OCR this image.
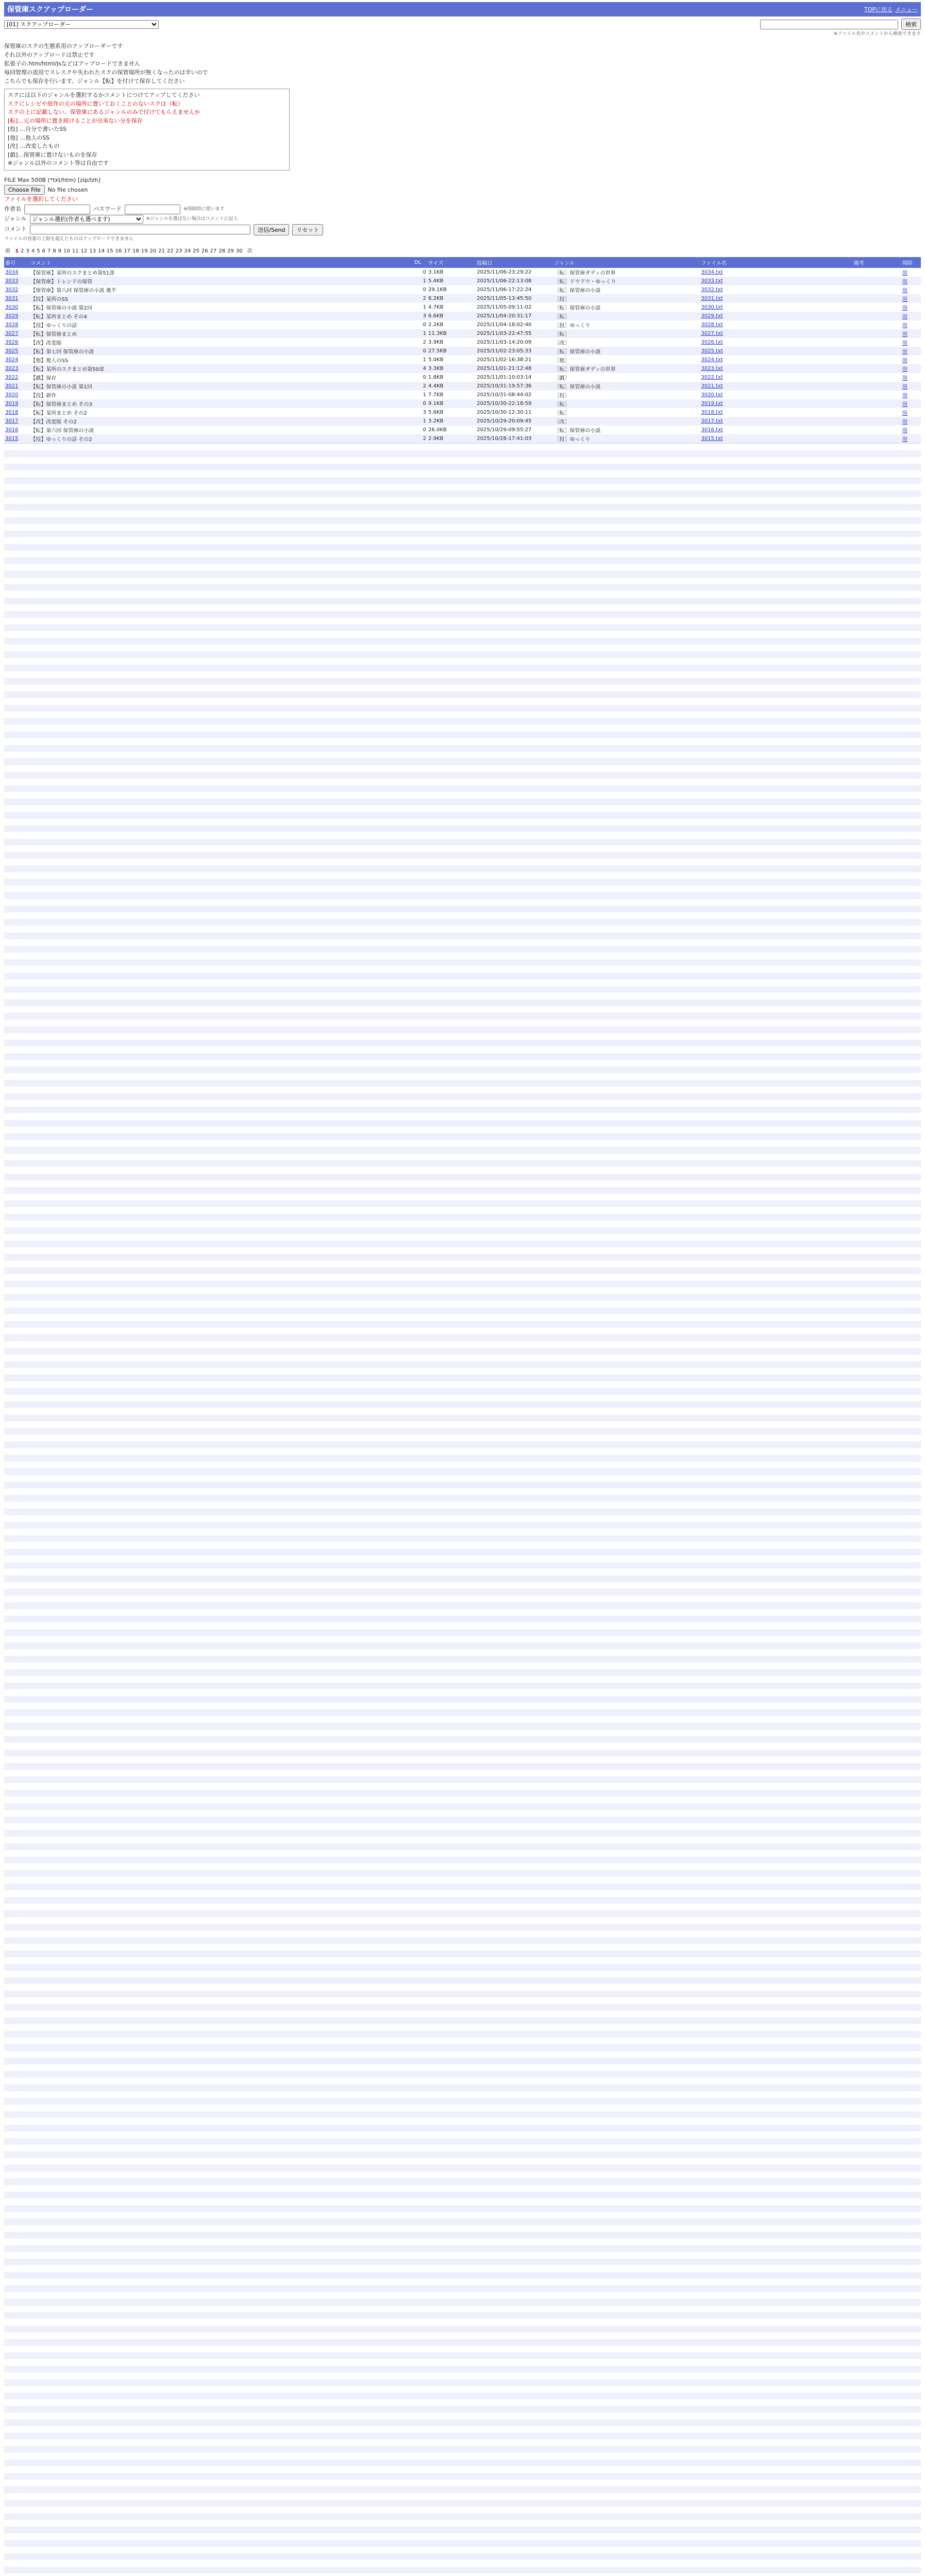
保管庫スクアップローダー	TOPに戻る メニュー
[01] スクアップローダー
検索
※ファイル名やコメントから検索できます

保管庫のスクの生態系用のアップローダーです

それ以外のアップロードは禁止です

拡張子の.htm/html/jsなどはアップロードできません

毎回管理の流用でスレスクや失われたスクの保管場所が無くなったのは辛いので

こちらでも保存を行います。ジャンル【転】を付けて保存してください

スクには以下のジャンルを選択するかコメントにつけてアップしてください
スクにレシピや原作の元の場所に置いておくことのないスクは（転）
スクの上に記載しない、保管庫にあるジャンルのみで付けてもらえませんか
[転]…元の場所に置き続けることが出来ない分を保存
[投] …自分で書いたSS
[他] …他人のSS
[改] …改変したもの
[戯]…保管庫に置けないものを保存
※ジャンル以外のコメント等は自由です
FILE Max 500B (*txt/htm) [zip/lzh]
Choose File	No file chosen
ファイルを選択してください
作者名	パスワード	※削除時に使います
ジャンル
ジャンル選択(作者も選べます)	※ジャンルを選ばない場合はコメントに記入
コメント	送信/Send	リセット
ファイルの容量の上限を超えたものはアップロードできません
前 1 2 3 4 5 6 7 8 9 10 11 12 13 14 15 16 17 18 19 20 21 22 23 24 25 26 27 28 29 30 次
番号	コメント	DL	サイズ	投稿日	ジャンル	ファイル名	備考	削除
3034	【保管庫】某所のスクまとめ第51部	0	3.1KB	2025/11/06-23:29:22	［転］保管庫ダディの世界	3034.txt		削
3033	【保管庫】トレンドの保管	1	5.4KB	2025/11/06-22:13:08	［転］ドウドウ・ゆっくり	3033.txt		削
3032	【保管庫】第八回 保管庫の小説 後半	0	29.1KB	2025/11/06-17:22:24	［転］保管庫の小説	3032.txt		削
3031	【投】某所のSS	2	8.2KB	2025/11/05-13:45:50	［投］	3031.txt		削
3030	【転】保管庫の小説 第2回	1	4.7KB	2025/11/05-09:11:02	［転］保管庫の小説	3030.txt		削
3029	【転】某所まとめ その4	3	6.6KB	2025/11/04-20:31:17	［転］	3029.txt		削
3028	【投】ゆっくりの話	0	2.2KB	2025/11/04-18:02:40	［投］ゆっくり	3028.txt		削
3027	【転】保管庫まとめ	1	11.3KB	2025/11/03-22:47:55	［転］	3027.txt		削
3026	【改】改変版	2	3.9KB	2025/11/03-14:20:09	［改］	3026.txt		削
3025	【転】第七回 保管庫の小説	0	27.5KB	2025/11/02-23:05:33	［転］保管庫の小説	3025.txt		削
3024	【他】他人のSS	1	5.0KB	2025/11/02-16:38:21	［他］	3024.txt		削
3023	【転】某所のスクまとめ第50部	4	3.3KB	2025/11/01-21:12:48	［転］保管庫ダディの世界	3023.txt		削
3022	【戯】保存	0	1.8KB	2025/11/01-10:03:14	［戯］	3022.txt		削
3021	【転】保管庫の小説 第1回	2	4.4KB	2025/10/31-19:57:36	［転］保管庫の小説	3021.txt		削
3020	【投】新作	1	7.7KB	2025/10/31-08:44:02	［投］	3020.txt		削
3019	【転】保管庫まとめ その3	0	9.1KB	2025/10/30-22:18:59	［転］	3019.txt		削
3018	【転】某所まとめ その2	3	5.6KB	2025/10/30-12:30:11	［転］	3018.txt		削
3017	【改】改変版 その2	1	3.2KB	2025/10/29-20:09:45	［改］	3017.txt		削
3016	【転】第六回 保管庫の小説	0	26.0KB	2025/10/29-09:55:27	［転］保管庫の小説	3016.txt		削
3015	【投】ゆっくりの話 その2	2	2.9KB	2025/10/28-17:41:03	［投］ゆっくり	3015.txt		削
